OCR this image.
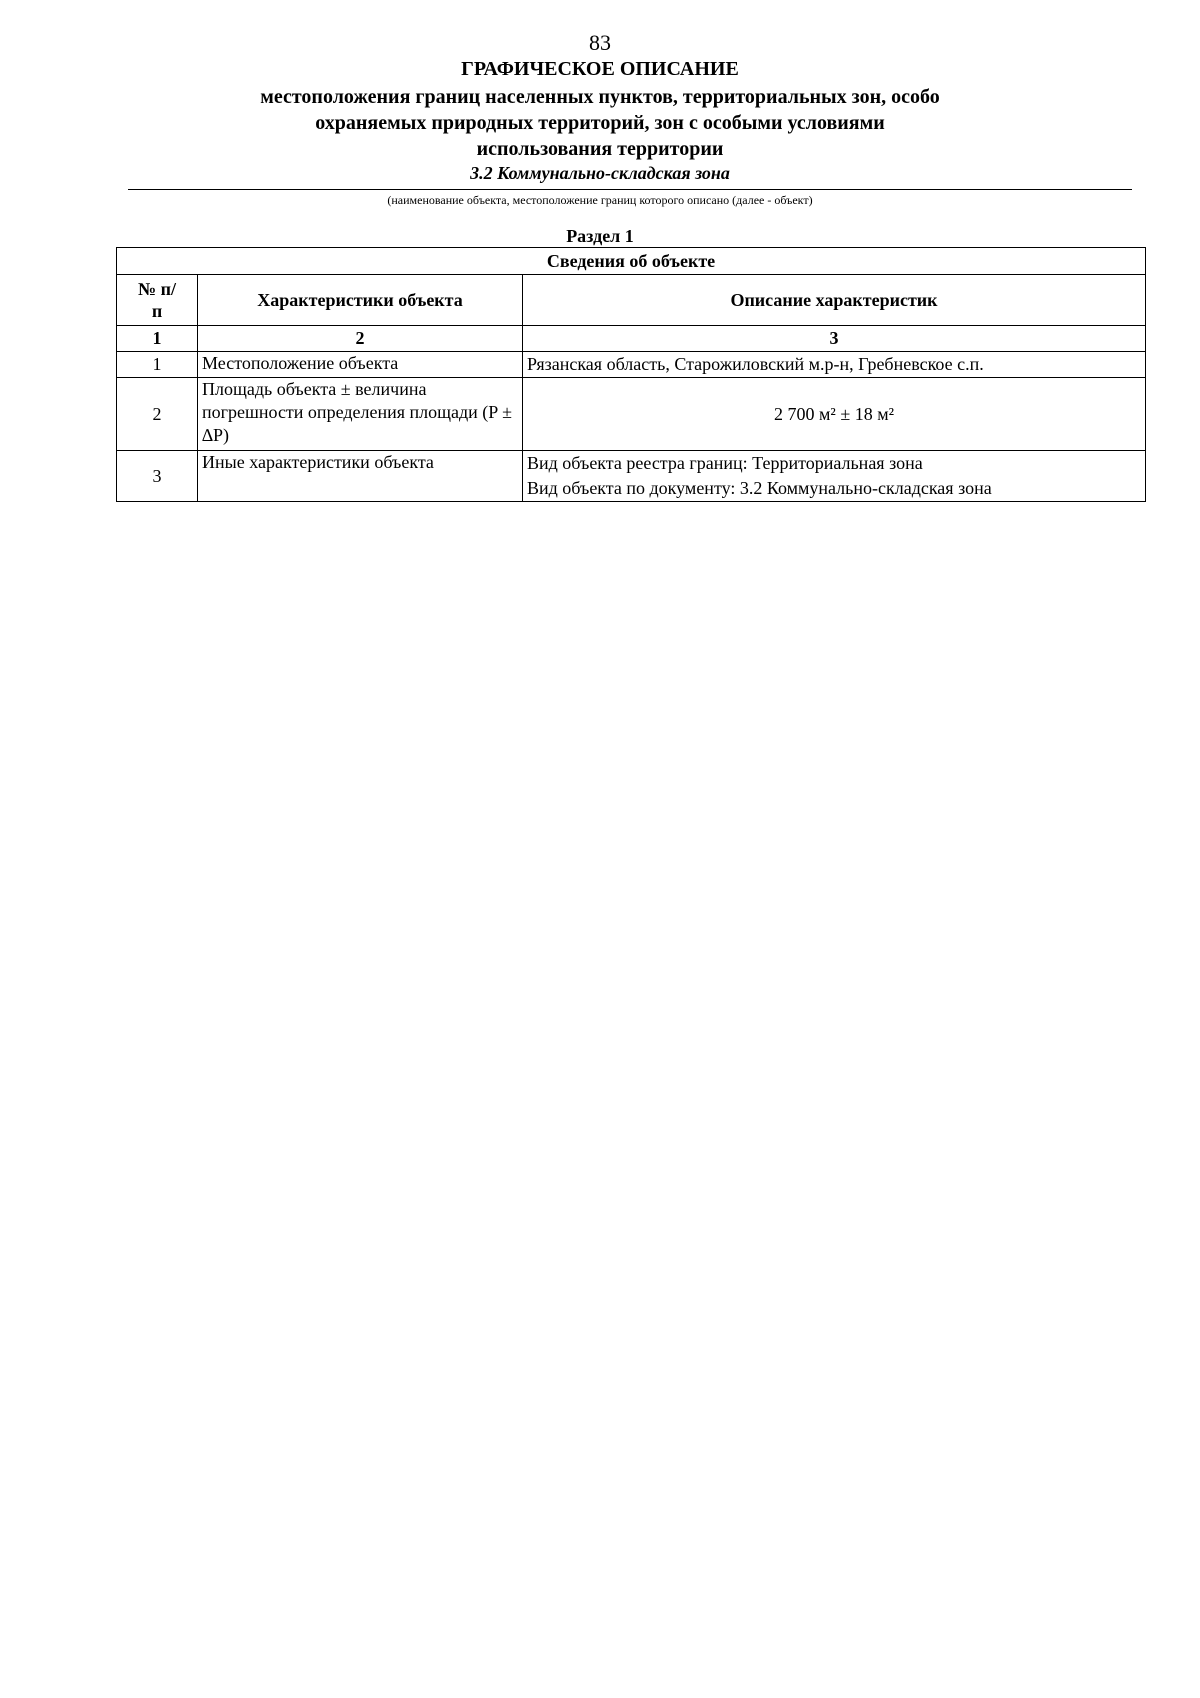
83
ГРАФИЧЕСКОЕ ОПИСАНИЕ
местоположения границ населенных пунктов, территориальных зон, особо охраняемых природных территорий, зон с особыми условиями использования территории
3.2 Коммунально-складская зона
(наименование объекта, местоположение границ которого описано (далее - объект)
Раздел 1
Сведения об объекте		
№ п/п	Характеристики объекта	Описание характеристик
1	2	3
1	Местоположение объекта	Рязанская область, Старожиловский м.р-н, Гребневское с.п.

2	Площадь объекта ± величина погрешности определения площади (P ± ∆P)	2 700 м² ± 18 м²

3	Иные характеристики объекта	Вид объекта реестра границ: Территориальная зона
Вид объекта по документу: 3.2 Коммунально-складская зона
